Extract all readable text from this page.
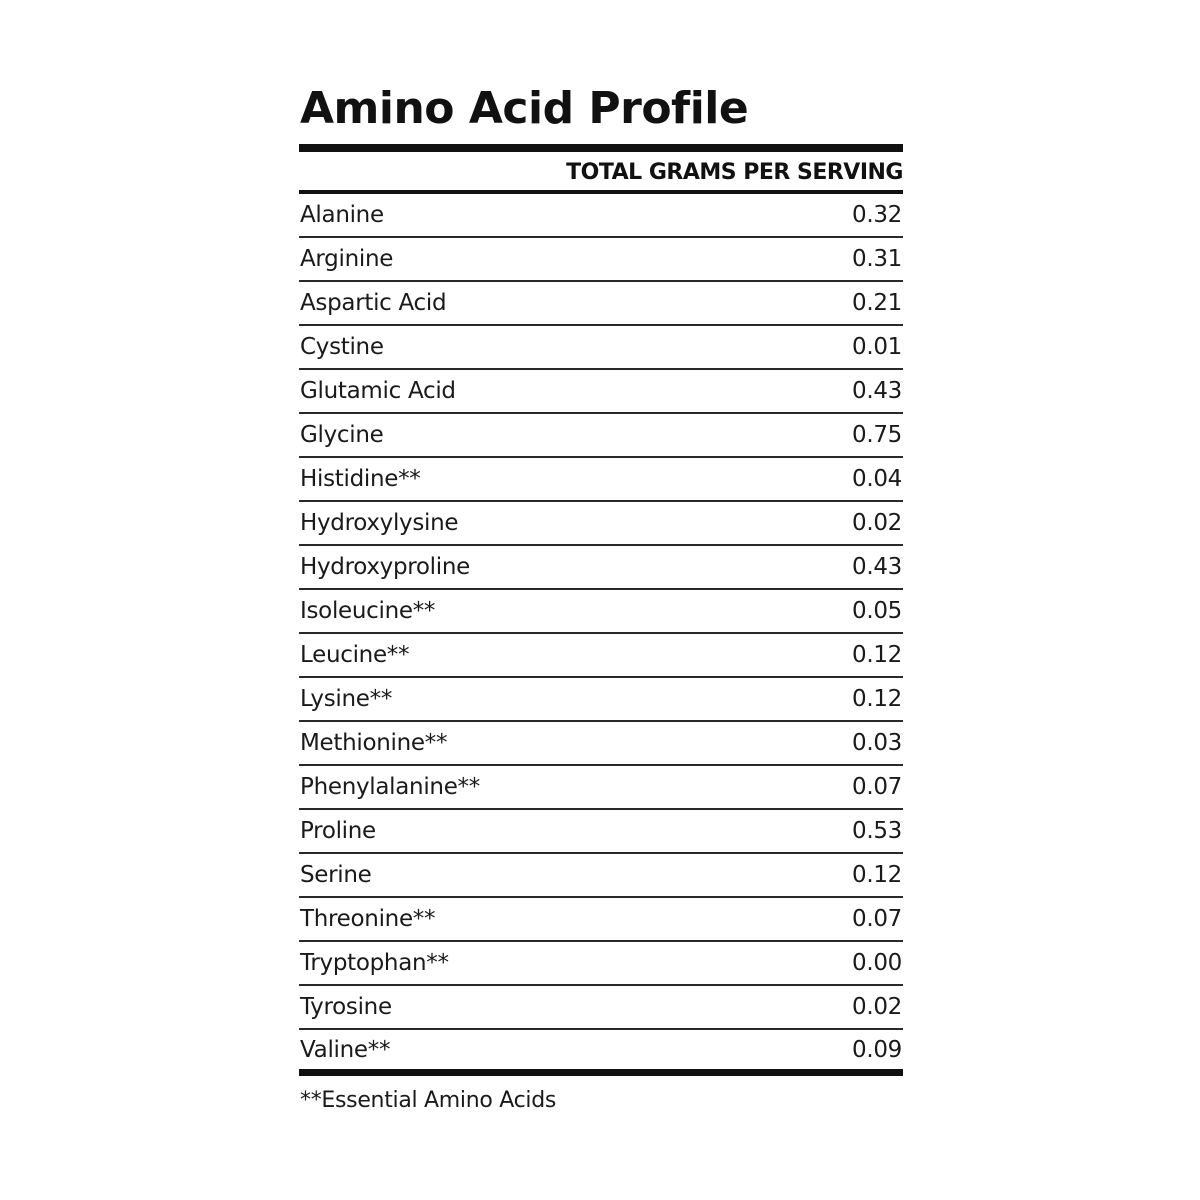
Amino Acid Profile
TOTAL GRAMS PER SERVING
Alanine	0.32
Arginine	0.31
Aspartic Acid	0.21
Cystine	0.01
Glutamic Acid	0.43
Glycine	0.75
Histidine**	0.04
Hydroxylysine	0.02
Hydroxyproline	0.43
Isoleucine**	0.05
Leucine**	0.12
Lysine**	0.12
Methionine**	0.03
Phenylalanine**	0.07
Proline	0.53
Serine	0.12
Threonine**	0.07
Tryptophan**	0.00
Tyrosine	0.02
Valine**	0.09
**Essential Amino Acids
